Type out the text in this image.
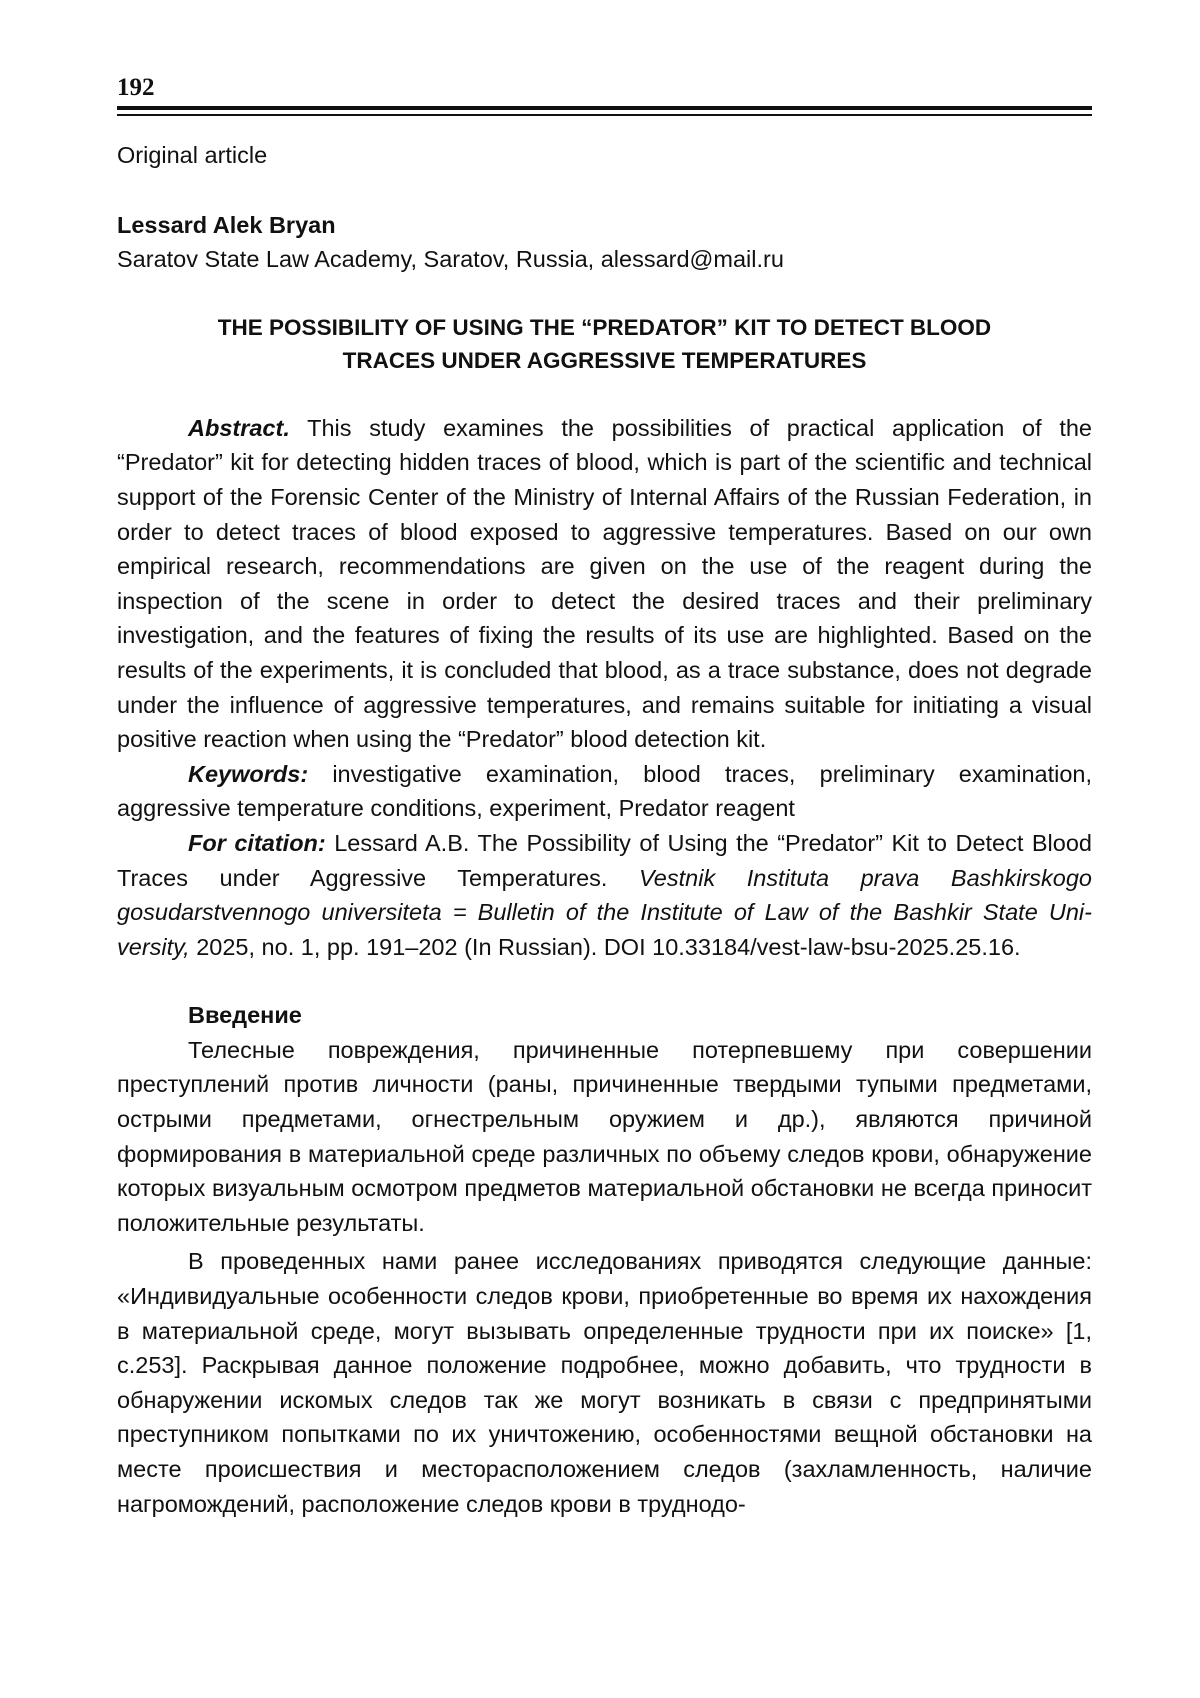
192

Original article

Lessard Alek Bryan

Saratov State Law Academy, Saratov, Russia, alessard@mail.ru

THE POSSIBILITY OF USING THE “PREDATOR” KIT TO DETECT BLOOD
TRACES UNDER AGGRESSIVE TEMPERATURES

Abstract. This study examines the possibilities of practical application of the “Predator” kit for detecting hidden traces of blood, which is part of the scientific and technical support of the Forensic Center of the Ministry of Internal Affairs of the Russian Federation, in order to detect traces of blood exposed to aggressive temperatures. Based on our own empirical research, recommendations are given on the use of the reagent during the inspection of the scene in order to detect the desired traces and their preliminary investigation, and the features of fixing the results of its use are highlighted. Based on the results of the experiments, it is concluded that blood, as a trace substance, does not degrade under the influence of aggressive temperatures, and remains suitable for initiating a visual positive reaction when using the “Predator” blood detection kit.

Keywords: investigative examination, blood traces, preliminary examination, aggressive temperature conditions, experiment, Predator reagent

For citation: Lessard A.B. The Possibility of Using the “Predator” Kit to Detect Blood Traces under Aggressive Temperatures. Vestnik Instituta prava Bashkirskogo gosudarstvennogo universiteta = Bulletin of the Institute of Law of the Bashkir State University, 2025, no. 1, pp. 191–202 (In Russian). DOI 10.33184/vest-law-bsu-2025.25.16.

Введение

Телесные повреждения, причиненные потерпевшему при совершении преступлений против личности (раны, причиненные твердыми тупыми предметами, острыми предметами, огнестрельным оружием и др.), являются причиной формирования в материальной среде различных по объему следов крови, обнаружение которых визуальным осмотром предметов материальной обстановки не всегда приносит положительные результаты.

В проведенных нами ранее исследованиях приводятся следующие данные: «Индивидуальные особенности следов крови, приобретенные во время их нахождения в материальной среде, могут вызывать определенные трудности при их поиске» [1, с.253]. Раскрывая данное положение подробнее, можно добавить, что трудности в обнаружении искомых следов так же могут возникать в связи с предпринятыми преступником попытками по их уничтожению, особенностями вещной обстановки на месте происшествия и месторасположением следов (захламленность, наличие нагромождений, расположение следов крови в труднодо-
